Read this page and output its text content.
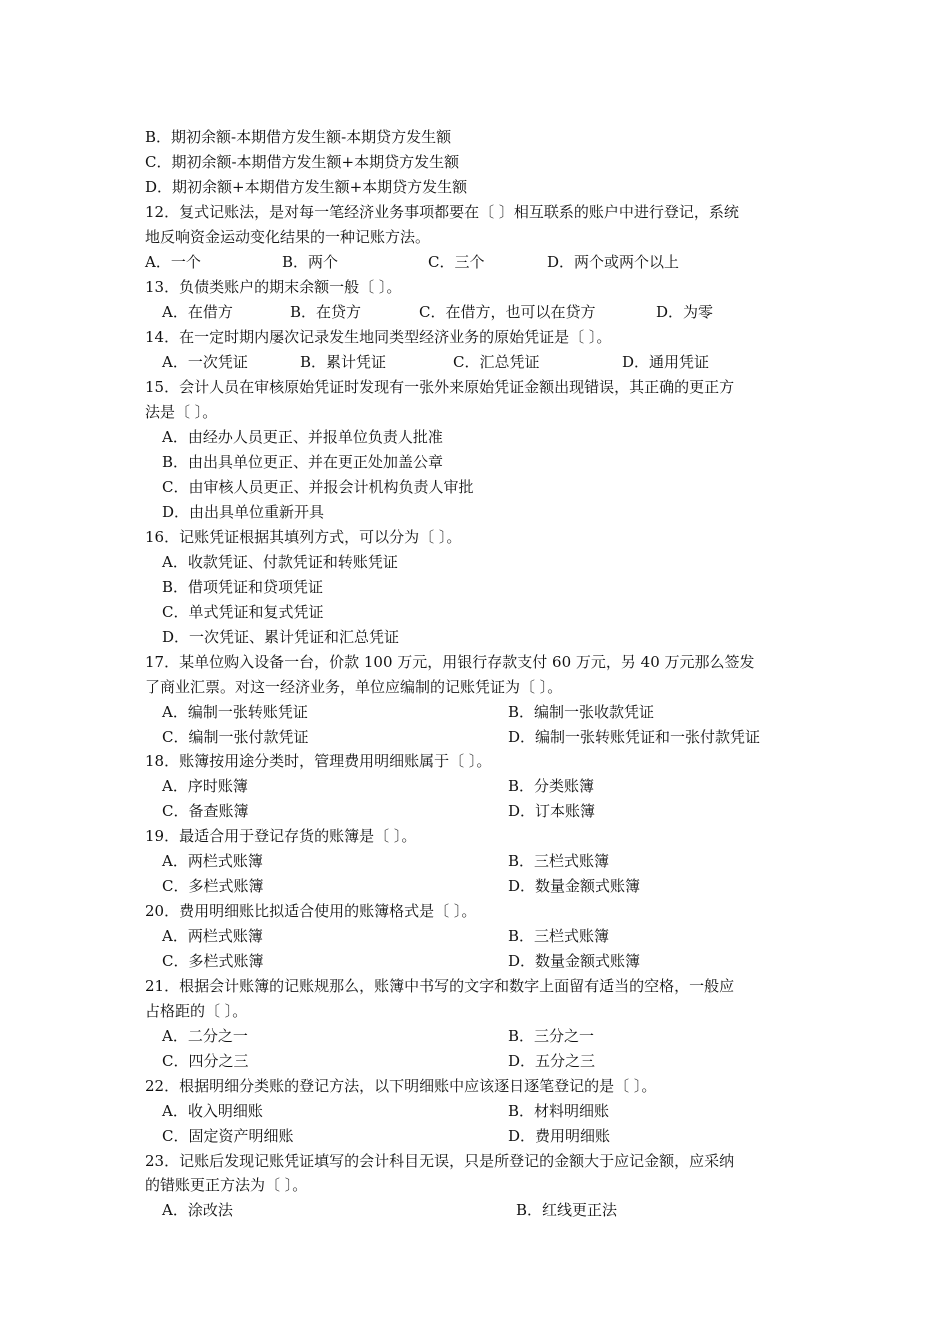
B．期初余额-本期借方发生额-本期贷方发生额
C．期初余额-本期借方发生额+本期贷方发生额
D．期初余额+本期借方发生额+本期贷方发生额
12．复式记账法，是对每一笔经济业务事项都要在〔 〕相互联系的账户中进行登记，系统
地反响资金运动变化结果的一种记账方法。
A．一个	B．两个	C．三个	D．两个或两个以上
13．负债类账户的期末余额一般〔 〕。
A．在借方	B．在贷方	C．在借方，也可以在贷方	D．为零
14．在一定时期内屡次记录发生地同类型经济业务的原始凭证是〔 〕。
A．一次凭证	B．累计凭证	C．汇总凭证	D．通用凭证
15．会计人员在审核原始凭证时发现有一张外来原始凭证金额出现错误，其正确的更正方
法是〔 〕。
A．由经办人员更正、并报单位负责人批准
B．由出具单位更正、并在更正处加盖公章
C．由审核人员更正、并报会计机构负责人审批
D．由出具单位重新开具
16．记账凭证根据其填列方式，可以分为〔 〕。
A．收款凭证、付款凭证和转账凭证
B．借项凭证和贷项凭证
C．单式凭证和复式凭证
D．一次凭证、累计凭证和汇总凭证
17．某单位购入设备一台，价款 100 万元，用银行存款支付 60 万元，另 40 万元那么签发
了商业汇票。对这一经济业务，单位应编制的记账凭证为〔 〕。
A．编制一张转账凭证	B．编制一张收款凭证
C．编制一张付款凭证	D．编制一张转账凭证和一张付款凭证
18．账簿按用途分类时，管理费用明细账属于〔 〕。
A．序时账簿	B．分类账簿
C．备查账簿	D．订本账簿
19．最适合用于登记存货的账簿是〔 〕。
A．两栏式账簿	B．三栏式账簿
C．多栏式账簿	D．数量金额式账簿
20．费用明细账比拟适合使用的账簿格式是〔 〕。
A．两栏式账簿	B．三栏式账簿
C．多栏式账簿	D．数量金额式账簿
21．根据会计账簿的记账规那么，账簿中书写的文字和数字上面留有适当的空格，一般应
占格距的〔 〕。
A．二分之一	B．三分之一
C．四分之三	D．五分之三
22．根据明细分类账的登记方法，以下明细账中应该逐日逐笔登记的是〔 〕。
A．收入明细账	B．材料明细账
C．固定资产明细账	D．费用明细账
23．记账后发现记账凭证填写的会计科目无误，只是所登记的金额大于应记金额，应采纳
的错账更正方法为〔 〕。
A．涂改法	B．红线更正法
